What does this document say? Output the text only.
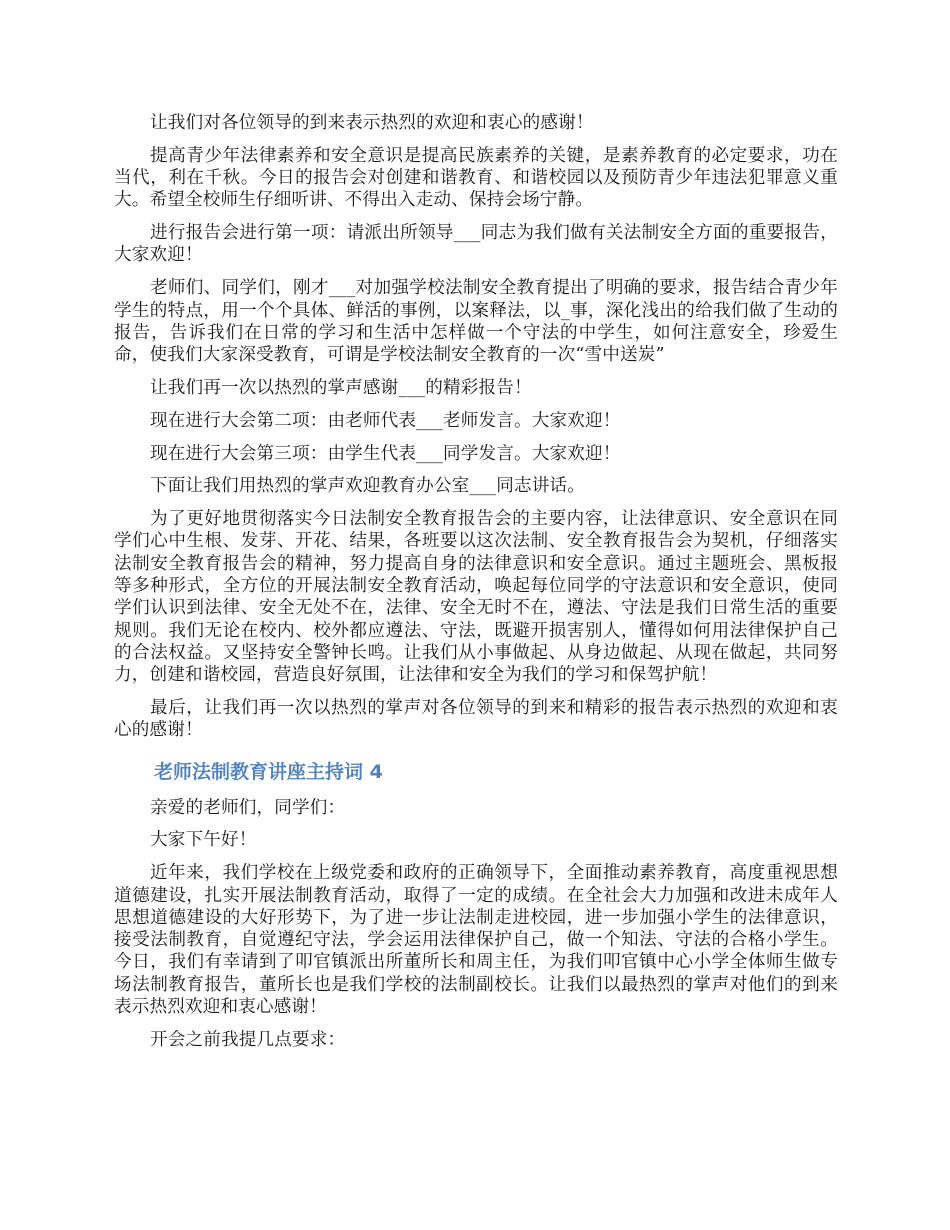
让我们对各位领导的到来表示热烈的欢迎和衷心的感谢！

提高青少年法律素养和安全意识是提高民族素养的关键，是素养教育的必定要求，功在当代，利在千秋。今日的报告会对创建和谐教育、和谐校园以及预防青少年违法犯罪意义重大。希望全校师生仔细听讲、不得出入走动、保持会场宁静。

进行报告会进行第一项：请派出所领导___同志为我们做有关法制安全方面的重要报告，大家欢迎！

老师们、同学们，刚才___对加强学校法制安全教育提出了明确的要求，报告结合青少年学生的特点，用一个个具体、鲜活的事例，以案释法，以_事，深化浅出的给我们做了生动的报告，告诉我们在日常的学习和生活中怎样做一个守法的中学生，如何注意安全，珍爱生命，使我们大家深受教育，可谓是学校法制安全教育的一次“雪中送炭”

让我们再一次以热烈的掌声感谢___的精彩报告！

现在进行大会第二项：由老师代表___老师发言。大家欢迎！

现在进行大会第三项：由学生代表___同学发言。大家欢迎！

下面让我们用热烈的掌声欢迎教育办公室___同志讲话。

为了更好地贯彻落实今日法制安全教育报告会的主要内容，让法律意识、安全意识在同学们心中生根、发芽、开花、结果，各班要以这次法制、安全教育报告会为契机，仔细落实法制安全教育报告会的精神，努力提高自身的法律意识和安全意识。通过主题班会、黑板报等多种形式，全方位的开展法制安全教育活动，唤起每位同学的守法意识和安全意识，使同学们认识到法律、安全无处不在，法律、安全无时不在，遵法、守法是我们日常生活的重要规则。我们无论在校内、校外都应遵法、守法，既避开损害别人，懂得如何用法律保护自己的合法权益。又坚持安全警钟长鸣。让我们从小事做起、从身边做起、从现在做起，共同努力，创建和谐校园，营造良好氛围，让法律和安全为我们的学习和保驾护航！

最后，让我们再一次以热烈的掌声对各位领导的到来和精彩的报告表示热烈的欢迎和衷心的感谢！

老师法制教育讲座主持词 4

亲爱的老师们，同学们：

大家下午好！

近年来，我们学校在上级党委和政府的正确领导下，全面推动素养教育，高度重视思想道德建设，扎实开展法制教育活动，取得了一定的成绩。在全社会大力加强和改进未成年人思想道德建设的大好形势下，为了进一步让法制走进校园，进一步加强小学生的法律意识，接受法制教育，自觉遵纪守法，学会运用法律保护自己，做一个知法、守法的合格小学生。今日，我们有幸请到了叩官镇派出所董所长和周主任，为我们叩官镇中心小学全体师生做专场法制教育报告，董所长也是我们学校的法制副校长。让我们以最热烈的掌声对他们的到来表示热烈欢迎和衷心感谢！

开会之前我提几点要求：
